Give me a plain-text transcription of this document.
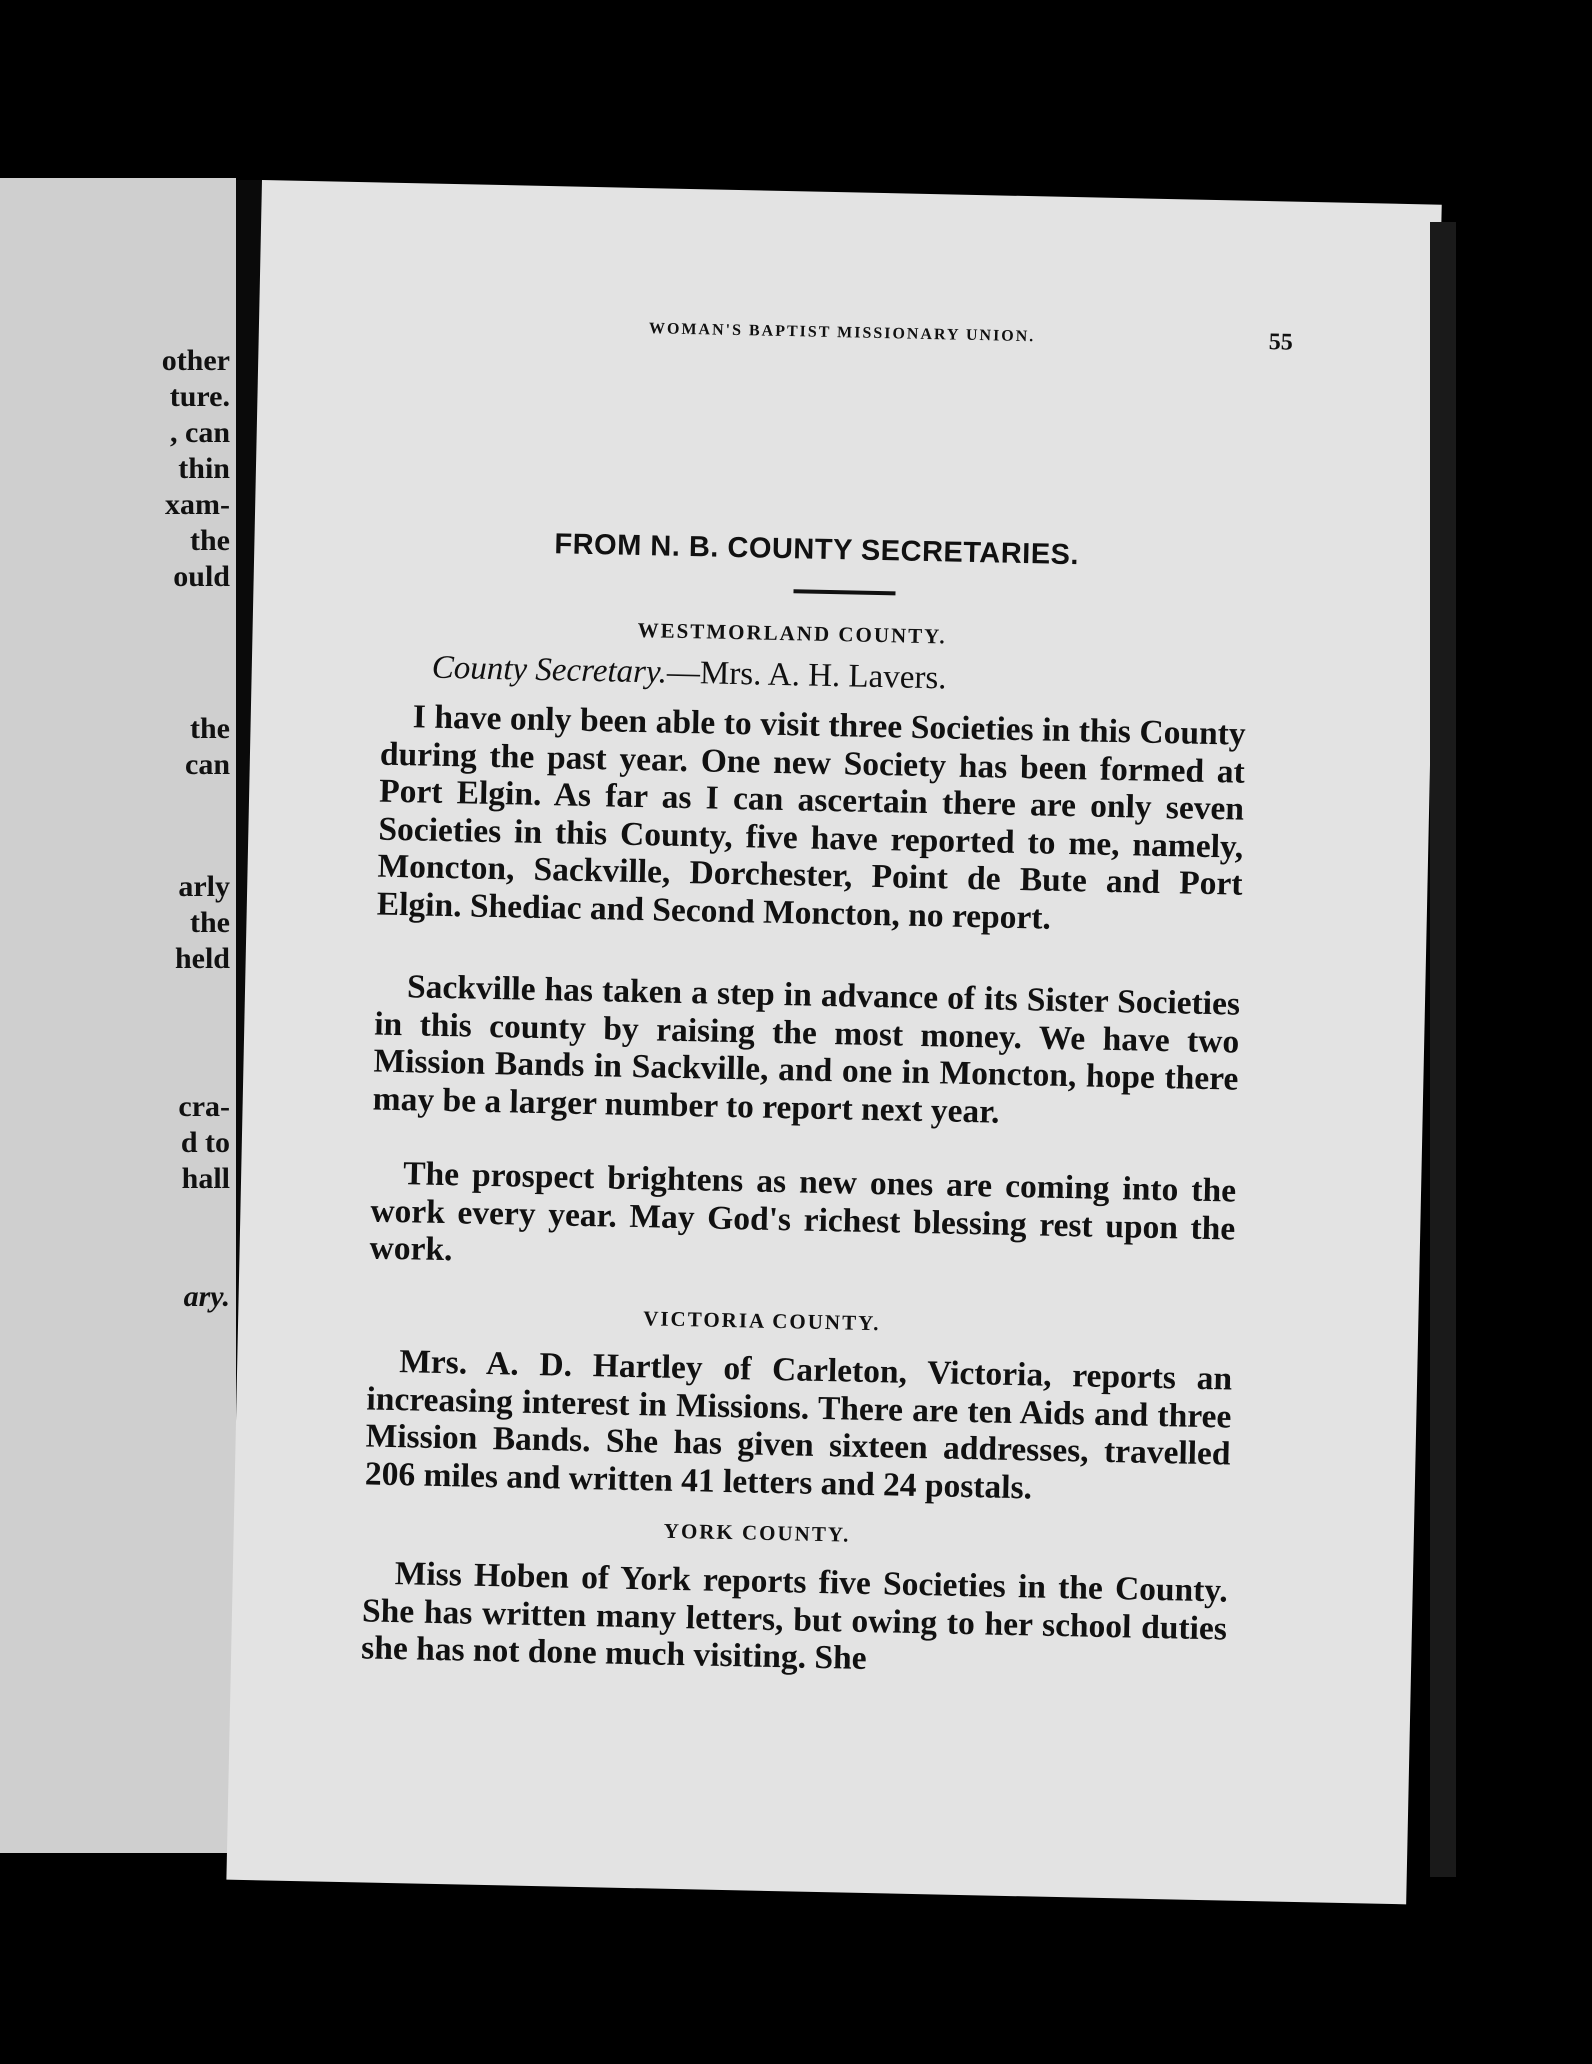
other
ture.
, can
thin
xam-
the
ould
the
can
arly
the
held
cra-
d to
hall
ary.
WOMAN'S BAPTIST MISSIONARY UNION.	55
FROM N. B. COUNTY SECRETARIES.
WESTMORLAND COUNTY.
County Secretary.—Mrs. A. H. Lavers.
I have only been able to visit three Societies in this County during the past year. One new Society has been formed at Port Elgin. As far as I can ascertain there are only seven Societies in this County, five have reported to me, namely, Moncton, Sackville, Dorchester, Point de Bute and Port Elgin. Shediac and Second Moncton, no report.
Sackville has taken a step in advance of its Sister Societies in this county by raising the most money. We have two Mission Bands in Sackville, and one in Moncton, hope there may be a larger number to report next year.
The prospect brightens as new ones are coming into the work every year. May God's richest blessing rest upon the work.
VICTORIA COUNTY.
Mrs. A. D. Hartley of Carleton, Victoria, reports an increasing interest in Missions. There are ten Aids and three Mission Bands. She has given sixteen addresses, travelled 206 miles and written 41 letters and 24 postals.
YORK COUNTY.
Miss Hoben of York reports five Societies in the County. She has written many letters, but owing to her school duties she has not done much visiting. She
